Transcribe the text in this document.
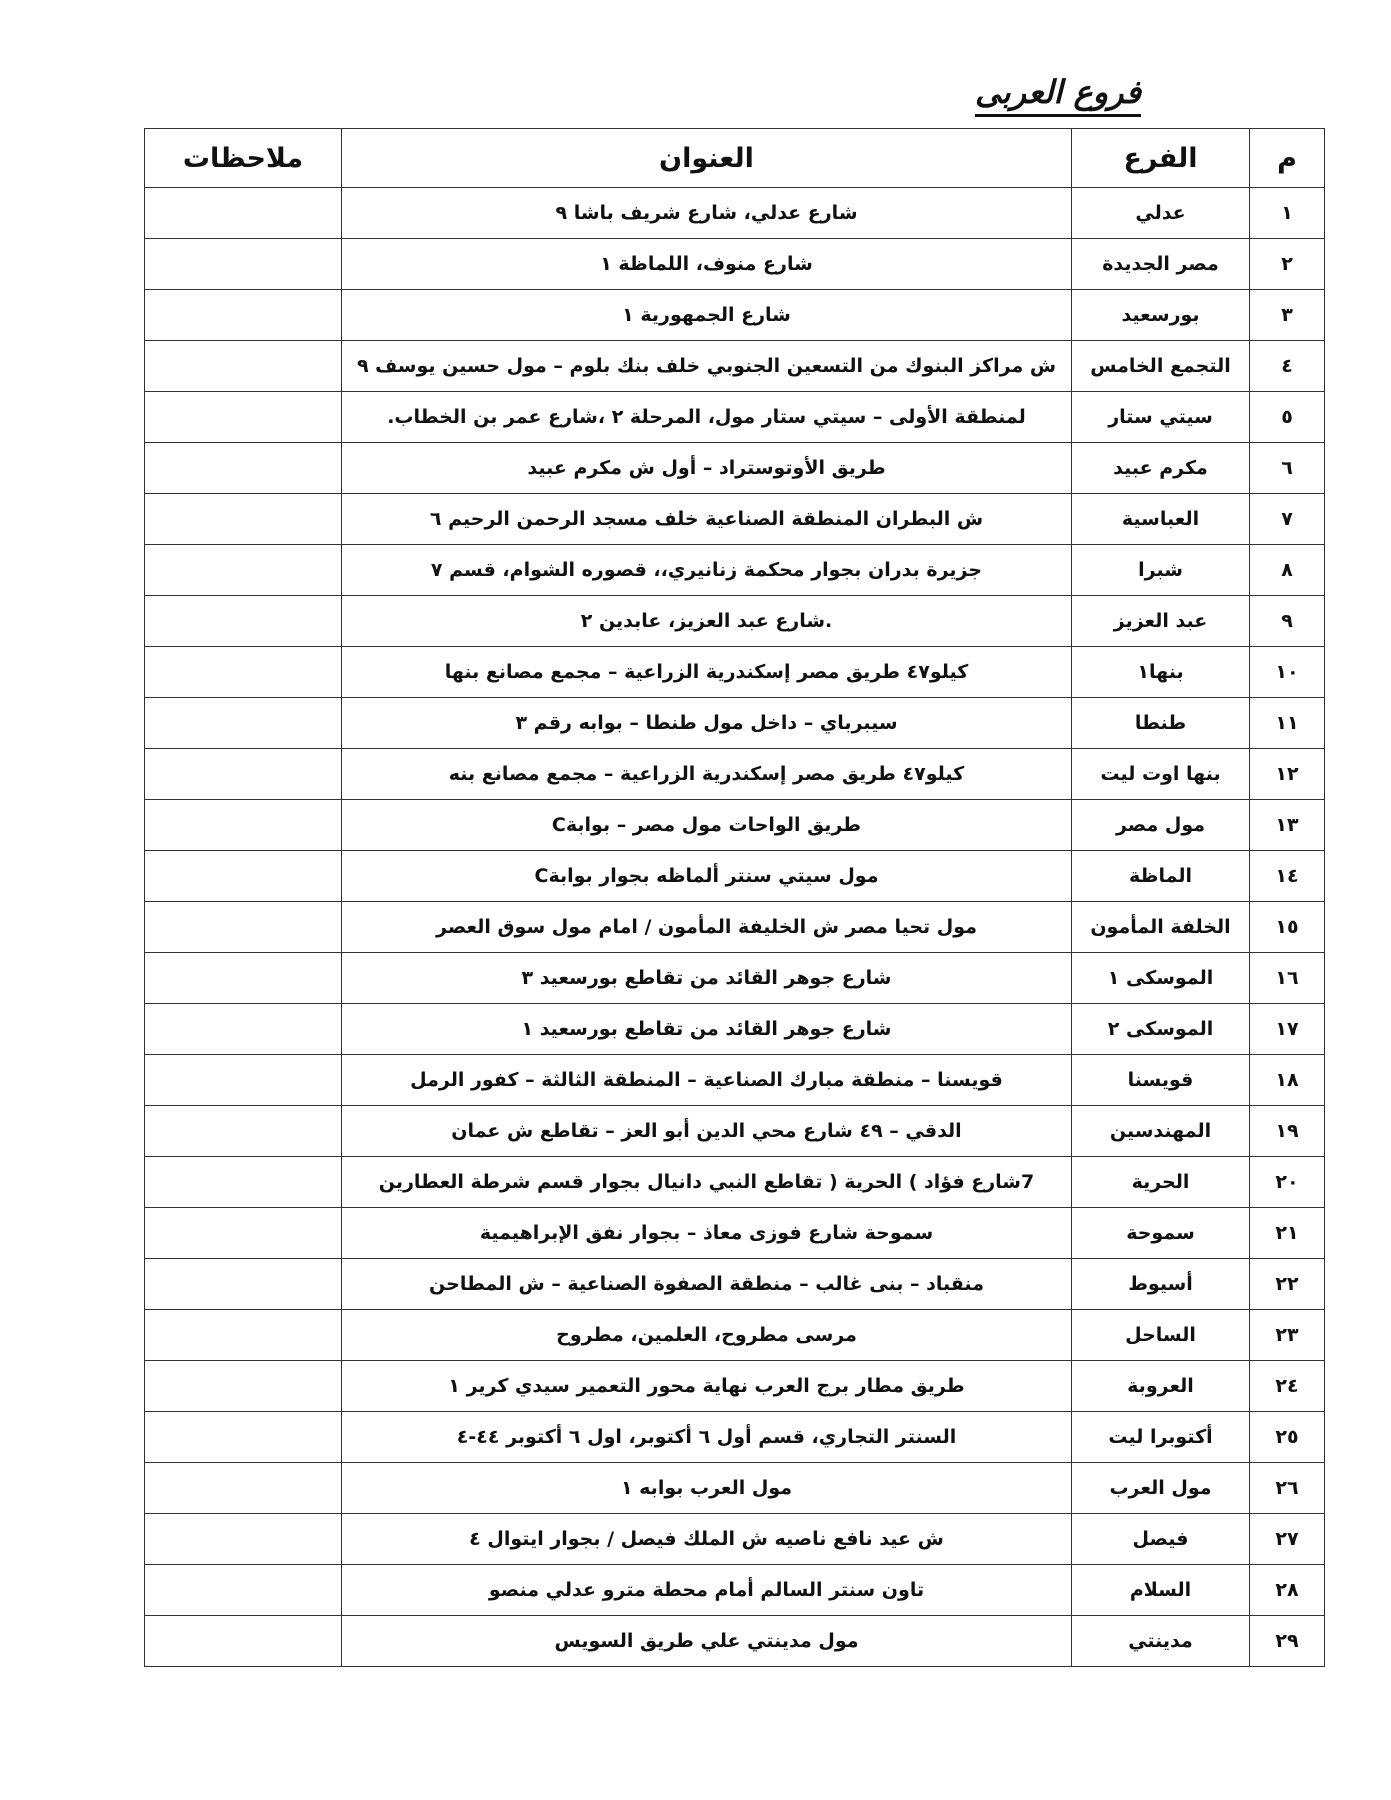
فروع العربى
م	الفرع	العنوان	ملاحظات
١	عدلي	شارع عدلي، شارع شريف باشا ٩	
٢	مصر الجديدة	شارع منوف، اللماظة ١	
٣	بورسعيد	شارع الجمهورية ١	
٤	التجمع الخامس	ش مراكز البنوك من التسعين الجنوبي خلف بنك بلوم – مول حسين يوسف ٩	
٥	سيتي ستار	لمنطقة الأولى – سيتي ستار مول، المرحلة ٢ ،شارع عمر بن الخطاب.	
٦	مكرم عبيد	طريق الأوتوستراد – أول ش مكرم عبيد	
٧	العباسية	ش البطران المنطقة الصناعية خلف مسجد الرحمن الرحيم ٦	
٨	شبرا	جزيرة بدران بجوار محكمة زنانيري،، قصوره الشوام، قسم ٧	
٩	عبد العزيز	.شارع عبد العزيز، عابدين ٢	
١٠	بنها١	كيلو٤٧ طريق مصر إسكندرية الزراعية – مجمع مصانع بنها	
١١	طنطا	سيبرباي – داخل مول طنطا – بوابه رقم ٣	
١٢	بنها اوت ليت	كيلو٤٧ طريق مصر إسكندرية الزراعية – مجمع مصانع بنه	
١٣	مول مصر	طريق الواحات مول مصر – بوابةC	
١٤	الماظة	مول سيتي سنتر ألماظه بجوار بوابةC	
١٥	الخلفة المأمون	مول تحيا مصر ش الخليفة المأمون / امام مول سوق العصر	
١٦	الموسكى ١	شارع جوهر القائد من تقاطع بورسعيد ٣	
١٧	الموسكى ٢	شارع جوهر القائد من تقاطع بورسعيد ١	
١٨	قويسنا	قويسنا – منطقة مبارك الصناعية – المنطقة الثالثة – كفور الرمل	
١٩	المهندسين	الدقي – ٤٩ شارع محي الدين أبو العز – تقاطع ش عمان	
٢٠	الحرية	7شارع فؤاد ) الحرية ( تقاطع النبي دانيال بجوار قسم شرطة العطارين	
٢١	سموحة	سموحة شارع فوزى معاذ – بجوار نفق الإبراهيمية	
٢٢	أسيوط	منقباد – بنى غالب – منطقة الصفوة الصناعية – ش المطاحن	
٢٣	الساحل	مرسى مطروح، العلمين، مطروح	
٢٤	العروبة	طريق مطار برج العرب نهاية محور التعمير سيدي كرير ١	
٢٥	أكتوبرا ليت	السنتر التجاري، قسم أول ٦ أكتوبر، اول ٦ أكتوبر ٤٤-٤	
٢٦	مول العرب	مول العرب بوابه ١	
٢٧	فيصل	ش عيد نافع ناصيه ش الملك فيصل / بجوار ايتوال ٤	
٢٨	السلام	تاون سنتر السالم أمام محطة مترو عدلي منصو	
٢٩	مدينتي	مول مدينتي علي طريق السويس	
